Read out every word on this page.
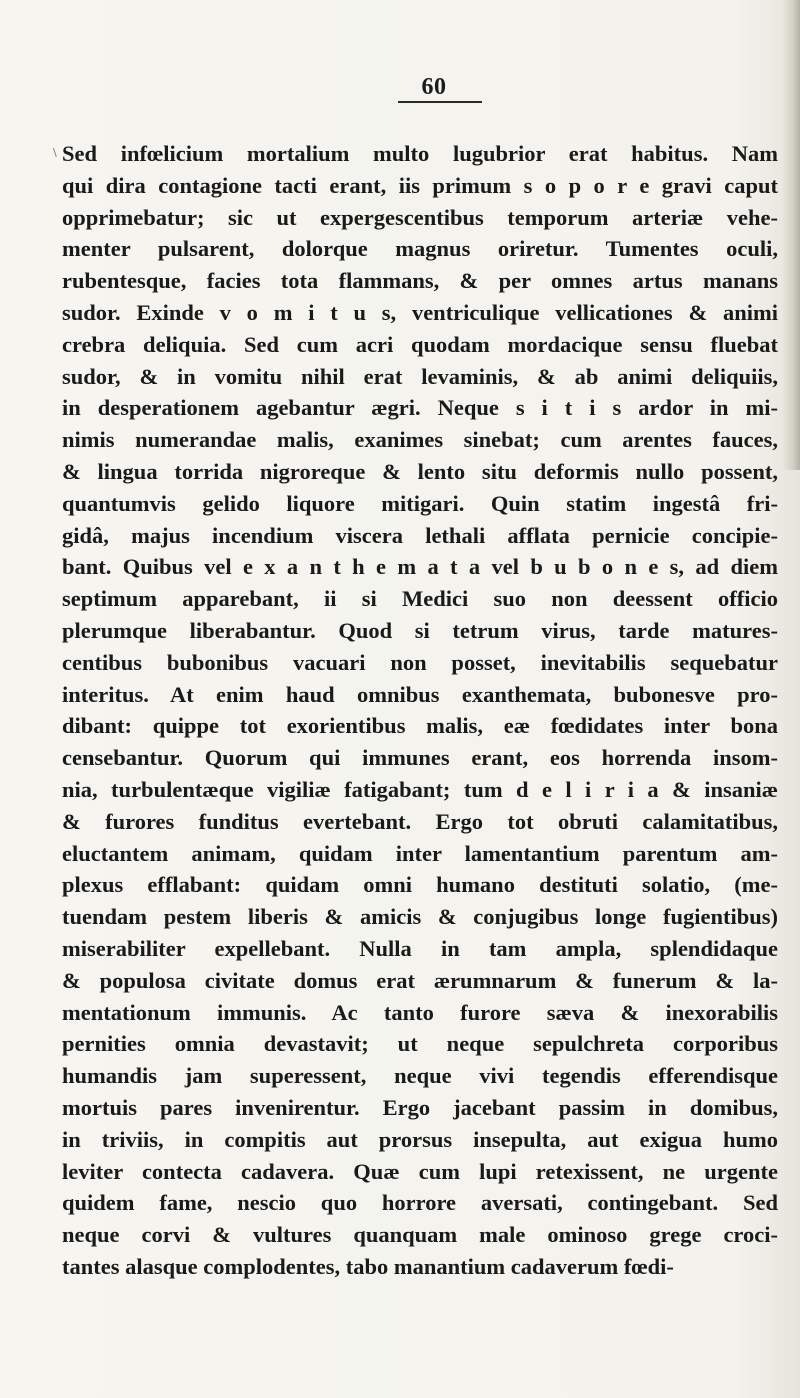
60
\ Sed infœlicium mortalium multo lugubrior erat habitus. Nam
qui dira contagione tacti erant, iis primum s o p o r e gravi caput
opprimebatur; sic ut expergescentibus temporum arteriæ vehe-
menter pulsarent, dolorque magnus oriretur. Tumentes oculi,
rubentesque, facies tota flammans, & per omnes artus manans
sudor. Exinde v o m i t u s, ventriculique vellicationes & animi
crebra deliquia. Sed cum acri quodam mordacique sensu fluebat
sudor, & in vomitu nihil erat levaminis, & ab animi deliquiis,
in desperationem agebantur ægri. Neque s i t i s ardor in mi-
nimis numerandae malis, exanimes sinebat; cum arentes fauces,
& lingua torrida nigroreque & lento situ deformis nullo possent,
quantumvis gelido liquore mitigari. Quin statim ingestâ fri-
gidâ, majus incendium viscera lethali afflata pernicie concipie-
bant. Quibus vel e x a n t h e m a t a vel b u b o n e s, ad diem
septimum apparebant, ii si Medici suo non deessent officio
plerumque liberabantur. Quod si tetrum virus, tarde matures-
centibus bubonibus vacuari non posset, inevitabilis sequebatur
interitus. At enim haud omnibus exanthemata, bubonesve pro-
dibant: quippe tot exorientibus malis, eæ fœdidates inter bona
censebantur. Quorum qui immunes erant, eos horrenda insom-
nia, turbulentæque vigiliæ fatigabant; tum d e l i r i a & insaniæ
& furores funditus evertebant. Ergo tot obruti calamitatibus,
eluctantem animam, quidam inter lamentantium parentum am-
plexus efflabant: quidam omni humano destituti solatio, (me-
tuendam pestem liberis & amicis & conjugibus longe fugientibus)
miserabiliter expellebant. Nulla in tam ampla, splendidaque
& populosa civitate domus erat ærumnarum & funerum & la-
mentationum immunis. Ac tanto furore sæva & inexorabilis
pernities omnia devastavit; ut neque sepulchreta corporibus
humandis jam superessent, neque vivi tegendis efferendisque
mortuis pares invenirentur. Ergo jacebant passim in domibus,
in triviis, in compitis aut prorsus insepulta, aut exigua humo
leviter contecta cadavera. Quæ cum lupi retexissent, ne urgente
quidem fame, nescio quo horrore aversati, contingebant. Sed
neque corvi & vultures quanquam male ominoso grege croci-
tantes alasque complodentes, tabo manantium cadaverum fœdi-
